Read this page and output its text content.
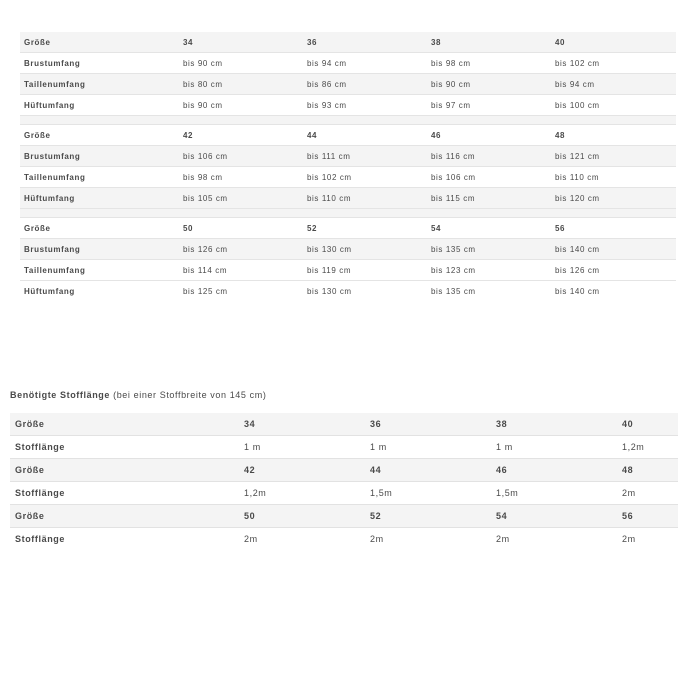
Größe	34	36	38	40
Brustumfang	bis 90 cm	bis 94 cm	bis 98 cm	bis 102 cm
Taillenumfang	bis 80 cm	bis 86 cm	bis 90 cm	bis 94 cm
Hüftumfang	bis 90 cm	bis 93 cm	bis 97 cm	bis 100 cm

Größe	42	44	46	48
Brustumfang	bis 106 cm	bis 111 cm	bis 116 cm	bis 121 cm
Taillenumfang	bis 98 cm	bis 102 cm	bis 106 cm	bis 110 cm
Hüftumfang	bis 105 cm	bis 110 cm	bis 115 cm	bis 120 cm

Größe	50	52	54	56
Brustumfang	bis 126 cm	bis 130 cm	bis 135 cm	bis 140 cm
Taillenumfang	bis 114 cm	bis 119 cm	bis 123 cm	bis 126 cm
Hüftumfang	bis 125 cm	bis 130 cm	bis 135 cm	bis 140 cm
Benötigte Stofflänge (bei einer Stoffbreite von 145 cm)
Größe	34	36	38	40
Stofflänge	1 m	1 m	1 m	1,2m
Größe	42	44	46	48
Stofflänge	1,2m	1,5m	1,5m	2m
Größe	50	52	54	56
Stofflänge	2m	2m	2m	2m
